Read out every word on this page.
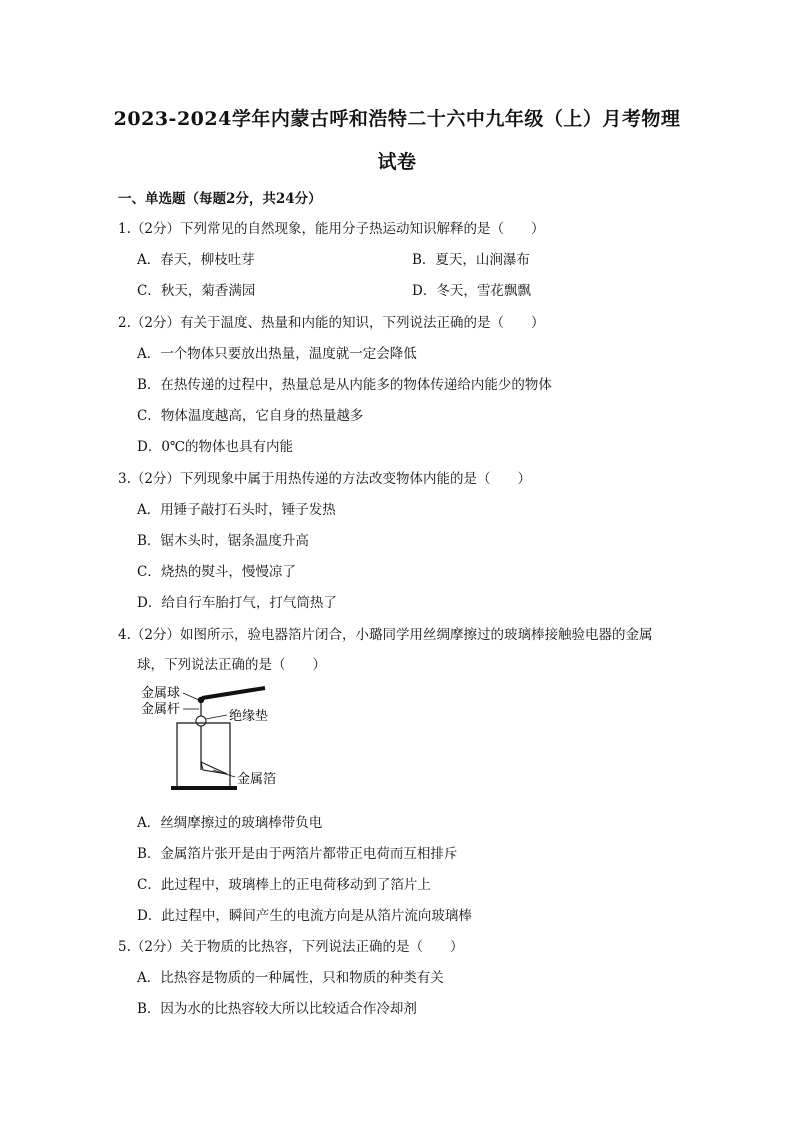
2023-2024学年内蒙古呼和浩特二十六中九年级（上）月考物理
试卷
一、单选题（每题2分，共24分）
1.（2分）下列常见的自然现象，能用分子热运动知识解释的是（　　）
A．春天，柳枝吐芽	B．夏天，山涧瀑布
C．秋天，菊香满园	D．冬天，雪花飘飘
2.（2分）有关于温度、热量和内能的知识，下列说法正确的是（　　）
A．一个物体只要放出热量，温度就一定会降低
B．在热传递的过程中，热量总是从内能多的物体传递给内能少的物体
C．物体温度越高，它自身的热量越多
D．0℃的物体也具有内能
3.（2分）下列现象中属于用热传递的方法改变物体内能的是（　　）
A．用锤子敲打石头时，锤子发热
B．锯木头时，锯条温度升高
C．烧热的熨斗，慢慢凉了
D．给自行车胎打气，打气筒热了
4.（2分）如图所示，验电器箔片闭合，小璐同学用丝绸摩擦过的玻璃棒接触验电器的金属
球，下列说法正确的是（　　）
金属球
金属杆	绝缘垫
金属箔
A．丝绸摩擦过的玻璃棒带负电
B．金属箔片张开是由于两箔片都带正电荷而互相排斥
C．此过程中，玻璃棒上的正电荷移动到了箔片上
D．此过程中，瞬间产生的电流方向是从箔片流向玻璃棒
5.（2分）关于物质的比热容，下列说法正确的是（　　）
A．比热容是物质的一种属性，只和物质的种类有关
B．因为水的比热容较大所以比较适合作冷却剂
